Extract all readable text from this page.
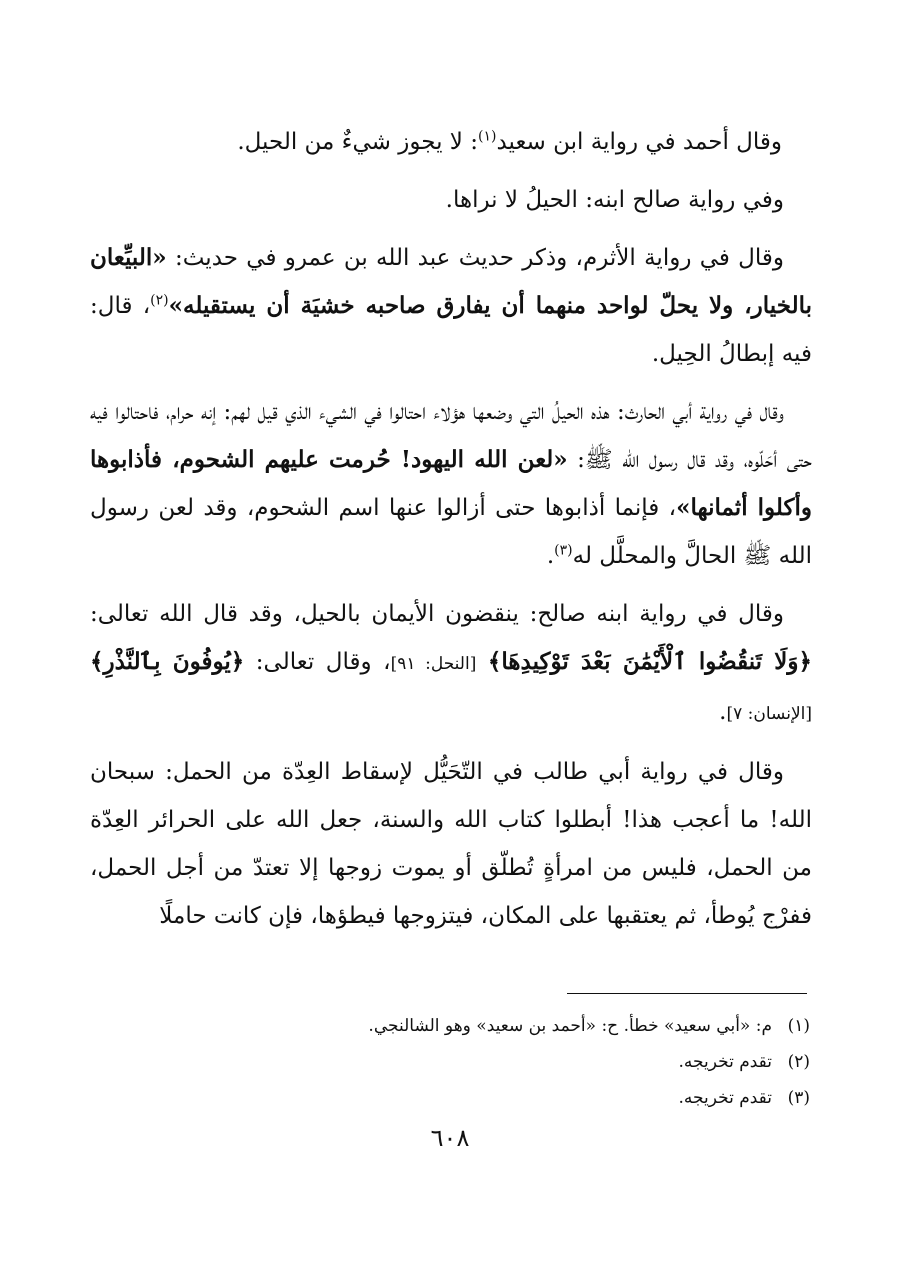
وقال أحمد في رواية ابن سعيد$^{(١)}$: لا يجوز شيءٌ من الحيل.

وفي رواية صالح ابنه: الحيلُ لا نراها.

وقال في رواية الأثرم، وذكر حديث عبد الله بن عمرو في حديث: «البيِّعان بالخيار، ولا يحلّ لواحد منهما أن يفارق صاحبه خشيَة أن يستقيله»$^{(٢)}$، قال: فيه إبطالُ الحِيل.

وقال في رواية أبي الحارث: هذه الحيلُ التي وضعها هؤلاء احتالوا في الشيء الذي قيل لهم: إنه حرام، فاحتالوا فيه حتى أحَلّوه، وقد قال رسول الله ﷺ: «لعن الله اليهود! حُرمت عليهم الشحوم، فأذابوها وأكلوا أثمانها»، فإنما أذابوها حتى أزالوا عنها اسم الشحوم، وقد لعن رسول الله ﷺ الحالَّ والمحلَّل له$^{(٣)}$.

وقال في رواية ابنه صالح: ينقضون الأيمان بالحيل، وقد قال الله تعالى: ﴿وَلَا تَنقُضُوا ٱلْأَيْمَٰنَ بَعْدَ تَوْكِيدِهَا﴾ [النحل: ٩١]، وقال تعالى: ﴿يُوفُونَ بِٱلنَّذْرِ﴾ [الإنسان: ٧].

وقال في رواية أبي طالب في التّحَيُّل لإسقاط العِدّة من الحمل: سبحان الله! ما أعجب هذا! أبطلوا كتاب الله والسنة، جعل الله على الحرائر العِدّة من الحمل، فليس من امرأةٍ تُطلّق أو يموت زوجها إلا تعتدّ من أجل الحمل، ففرْج يُوطأ، ثم يعتقبها على المكان، فيتزوجها فيطؤها، فإن كانت حاملًا

(١)م: «أبي سعيد» خطأ. ح: «أحمد بن سعيد» وهو الشالنجي.

(٢)تقدم تخريجه.

(٣)تقدم تخريجه.

٦٠٨
